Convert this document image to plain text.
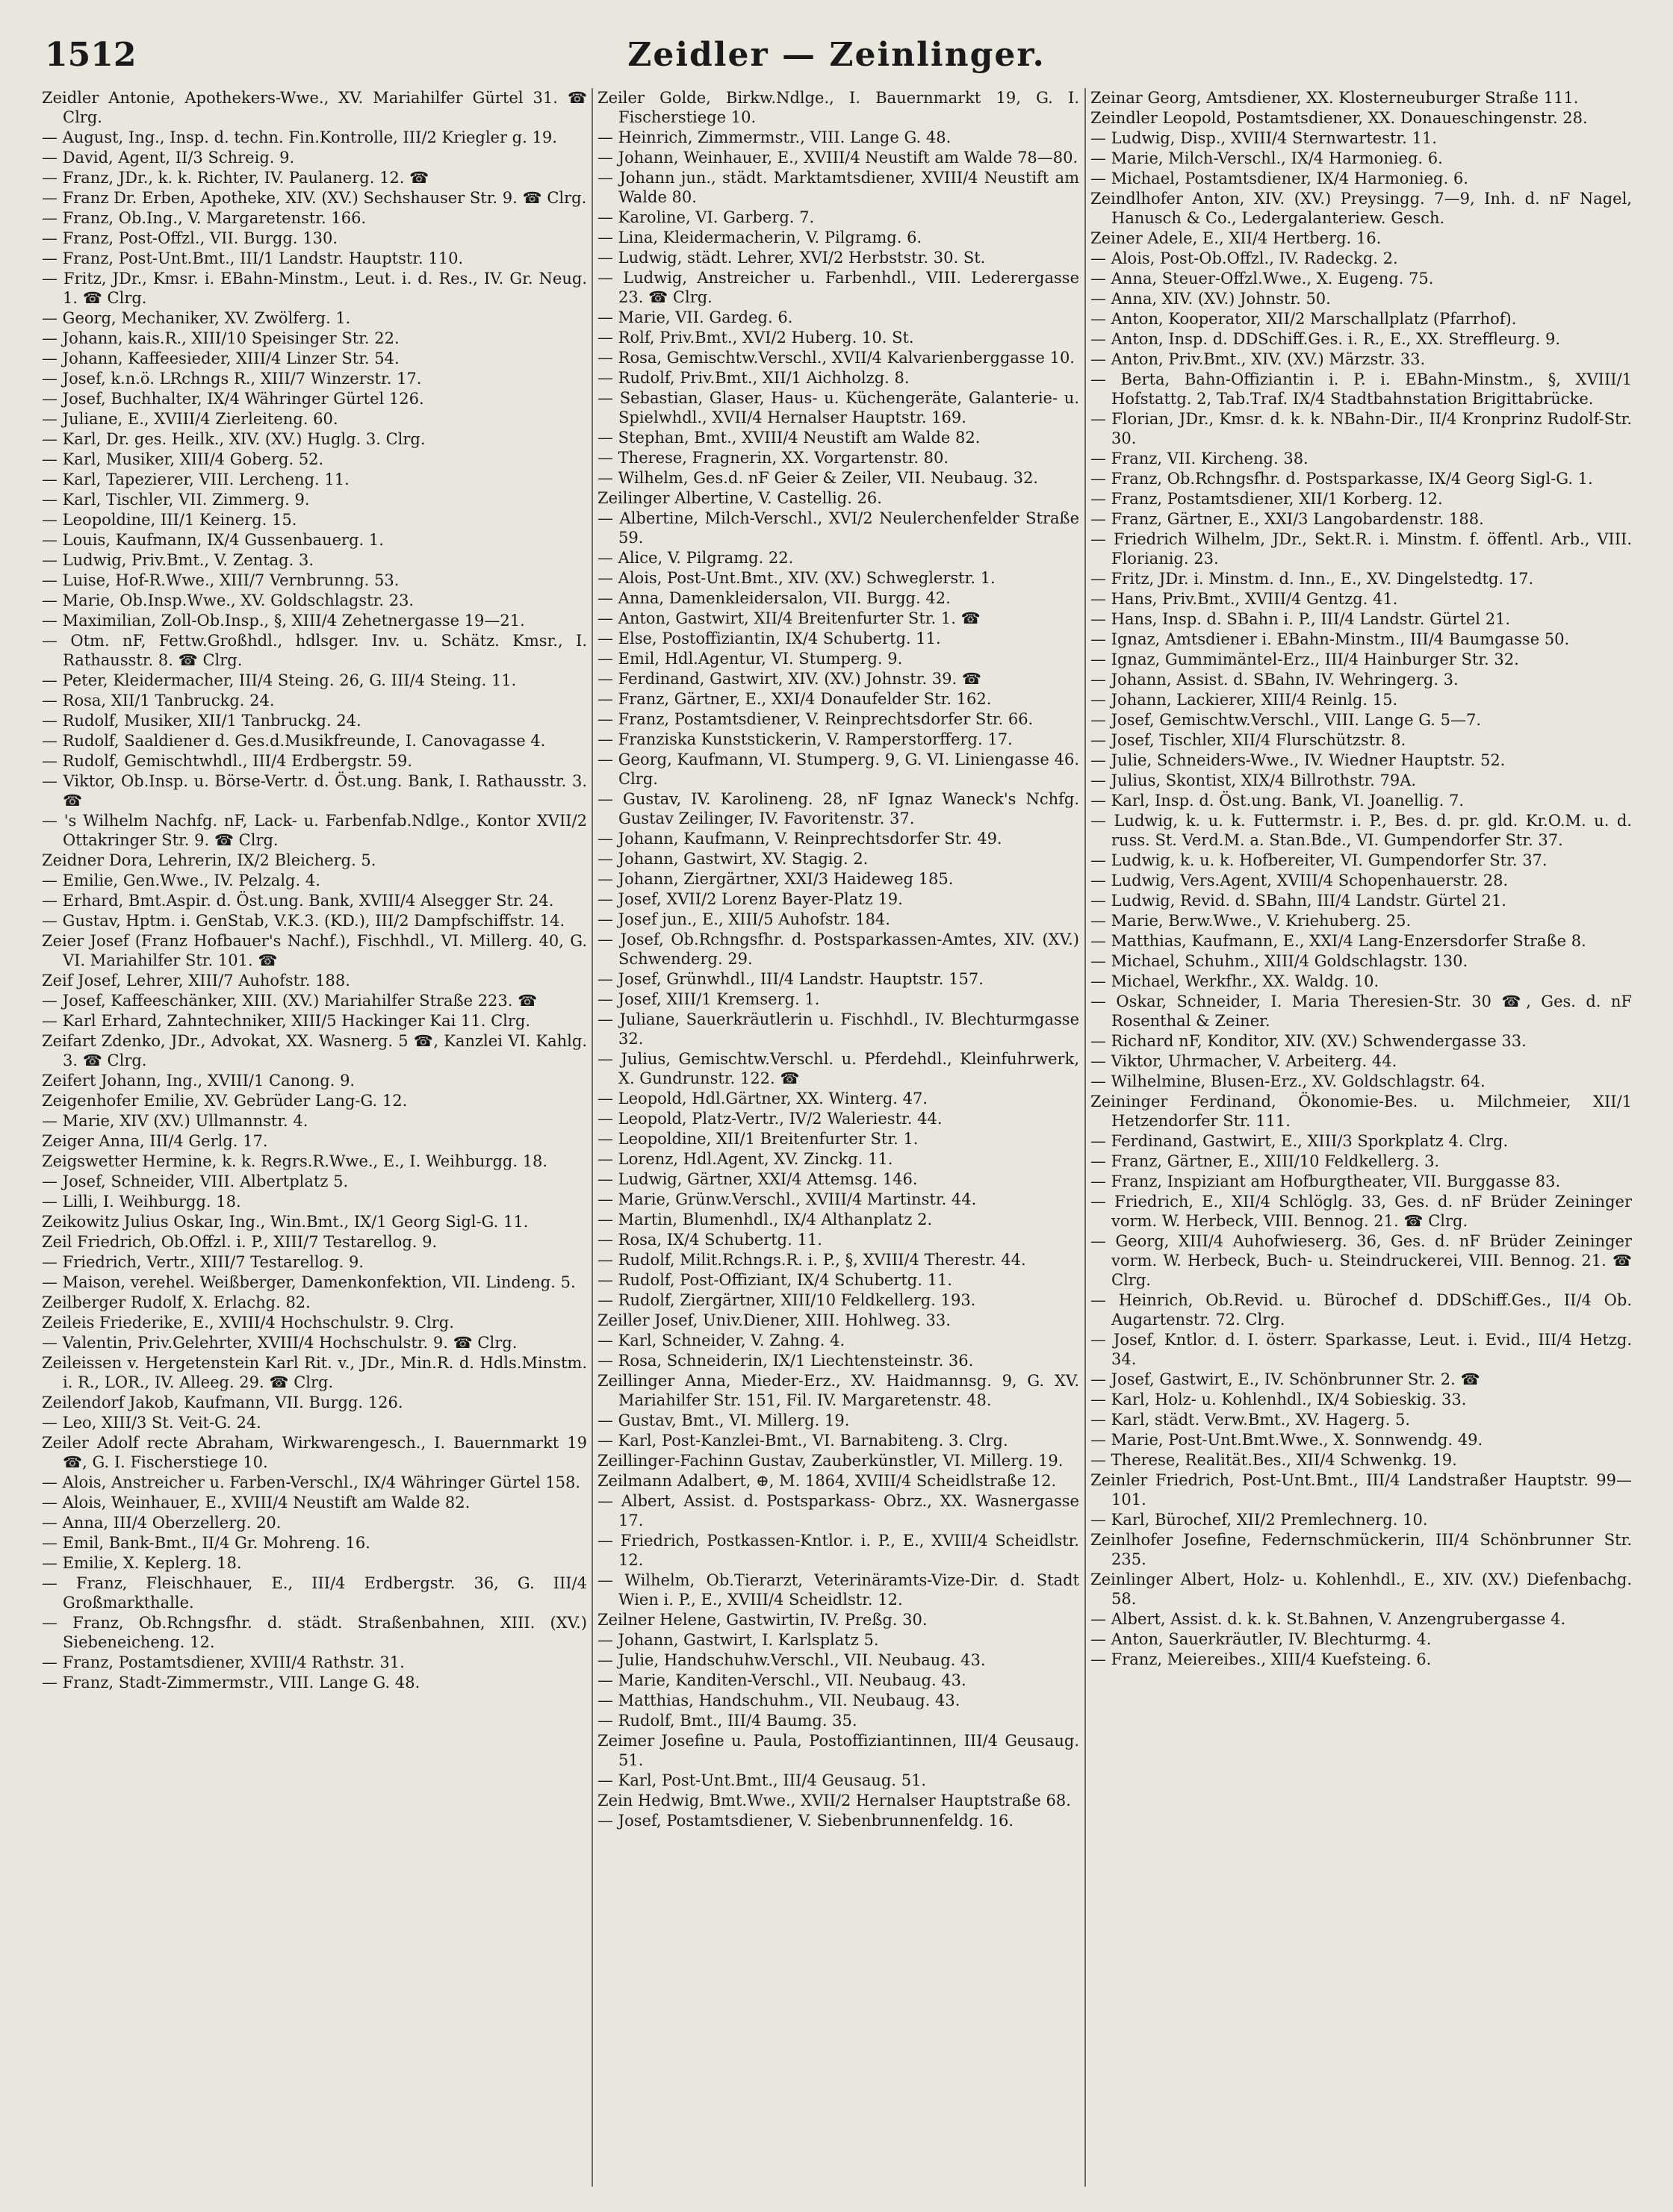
1512	Zeidler — Zeinlinger.
Zeidler Antonie, Apothekers-Wwe., XV. Mariahilfer Gürtel 31. ☎ Clrg.
— August, Ing., Insp. d. techn. Fin.Kontrolle, III/2 Kriegler g. 19.
— David, Agent, II/3 Schreig. 9.
— Franz, JDr., k. k. Richter, IV. Paulanerg. 12. ☎
— Franz Dr. Erben, Apotheke, XIV. (XV.) Sechshauser Str. 9. ☎ Clrg.
— Franz, Ob.Ing., V. Margaretenstr. 166.
— Franz, Post-Offzl., VII. Burgg. 130.
— Franz, Post-Unt.Bmt., III/1 Landstr. Hauptstr. 110.
— Fritz, JDr., Kmsr. i. EBahn-Minstm., Leut. i. d. Res., IV. Gr. Neug. 1. ☎ Clrg.
— Georg, Mechaniker, XV. Zwölferg. 1.
— Johann, kais.R., XIII/10 Speisinger Str. 22.
— Johann, Kaffeesieder, XIII/4 Linzer Str. 54.
— Josef, k.n.ö. LRchngs R., XIII/7 Winzerstr. 17.
— Josef, Buchhalter, IX/4 Währinger Gürtel 126.
— Juliane, E., XVIII/4 Zierleiteng. 60.
— Karl, Dr. ges. Heilk., XIV. (XV.) Huglg. 3. Clrg.
— Karl, Musiker, XIII/4 Goberg. 52.
— Karl, Tapezierer, VIII. Lercheng. 11.
— Karl, Tischler, VII. Zimmerg. 9.
— Leopoldine, III/1 Keinerg. 15.
— Louis, Kaufmann, IX/4 Gussenbauerg. 1.
— Ludwig, Priv.Bmt., V. Zentag. 3.
— Luise, Hof-R.Wwe., XIII/7 Vernbrunng. 53.
— Marie, Ob.Insp.Wwe., XV. Goldschlagstr. 23.
— Maximilian, Zoll-Ob.Insp., §, XIII/4 Zehetnergasse 19—21.
— Otm. nF, Fettw.Großhdl., hdlsger. Inv. u. Schätz. Kmsr., I. Rathausstr. 8. ☎ Clrg.
— Peter, Kleidermacher, III/4 Steing. 26, G. III/4 Steing. 11.
— Rosa, XII/1 Tanbruckg. 24.
— Rudolf, Musiker, XII/1 Tanbruckg. 24.
— Rudolf, Saaldiener d. Ges.d.Musikfreunde, I. Canovagasse 4.
— Rudolf, Gemischtwhdl., III/4 Erdbergstr. 59.
— Viktor, Ob.Insp. u. Börse-Vertr. d. Öst.ung. Bank, I. Rathausstr. 3. ☎
— 's Wilhelm Nachfg. nF, Lack- u. Farbenfab.Ndlge., Kontor XVII/2 Ottakringer Str. 9. ☎ Clrg.
Zeidner Dora, Lehrerin, IX/2 Bleicherg. 5.
— Emilie, Gen.Wwe., IV. Pelzalg. 4.
— Erhard, Bmt.Aspir. d. Öst.ung. Bank, XVIII/4 Alsegger Str. 24.
— Gustav, Hptm. i. GenStab, V.K.3. (KD.), III/2 Dampfschiffstr. 14.
Zeier Josef (Franz Hofbauer's Nachf.), Fischhdl., VI. Millerg. 40, G. VI. Mariahilfer Str. 101. ☎
Zeif Josef, Lehrer, XIII/7 Auhofstr. 188.
— Josef, Kaffeeschänker, XIII. (XV.) Mariahilfer Straße 223. ☎
— Karl Erhard, Zahntechniker, XIII/5 Hackinger Kai 11. Clrg.
Zeifart Zdenko, JDr., Advokat, XX. Wasnerg. 5 ☎, Kanzlei VI. Kahlg. 3. ☎ Clrg.
Zeifert Johann, Ing., XVIII/1 Canong. 9.
Zeigenhofer Emilie, XV. Gebrüder Lang-G. 12.
— Marie, XIV (XV.) Ullmannstr. 4.
Zeiger Anna, III/4 Gerlg. 17.
Zeigswetter Hermine, k. k. Regrs.R.Wwe., E., I. Weihburgg. 18.
— Josef, Schneider, VIII. Albertplatz 5.
— Lilli, I. Weihburgg. 18.
Zeikowitz Julius Oskar, Ing., Win.Bmt., IX/1 Georg Sigl-G. 11.
Zeil Friedrich, Ob.Offzl. i. P., XIII/7 Testarellog. 9.
— Friedrich, Vertr., XIII/7 Testarellog. 9.
— Maison, verehel. Weißberger, Damenkonfektion, VII. Lindeng. 5.
Zeilberger Rudolf, X. Erlachg. 82.
Zeileis Friederike, E., XVIII/4 Hochschulstr. 9. Clrg.
— Valentin, Priv.Gelehrter, XVIII/4 Hochschulstr. 9. ☎ Clrg.
Zeileissen v. Hergetenstein Karl Rit. v., JDr., Min.R. d. Hdls.Minstm. i. R., LOR., IV. Alleeg. 29. ☎ Clrg.
Zeilendorf Jakob, Kaufmann, VII. Burgg. 126.
— Leo, XIII/3 St. Veit-G. 24.
Zeiler Adolf recte Abraham, Wirkwarengesch., I. Bauernmarkt 19 ☎, G. I. Fischerstiege 10.
— Alois, Anstreicher u. Farben-Verschl., IX/4 Währinger Gürtel 158.
— Alois, Weinhauer, E., XVIII/4 Neustift am Walde 82.
— Anna, III/4 Oberzellerg. 20.
— Emil, Bank-Bmt., II/4 Gr. Mohreng. 16.
— Emilie, X. Keplerg. 18.
— Franz, Fleischhauer, E., III/4 Erdbergstr. 36, G. III/4 Großmarkthalle.
— Franz, Ob.Rchngsfhr. d. städt. Straßenbahnen, XIII. (XV.) Siebeneicheng. 12.
— Franz, Postamtsdiener, XVIII/4 Rathstr. 31.
— Franz, Stadt-Zimmermstr., VIII. Lange G. 48.
Zeiler Golde, Birkw.Ndlge., I. Bauernmarkt 19, G. I. Fischerstiege 10.
— Heinrich, Zimmermstr., VIII. Lange G. 48.
— Johann, Weinhauer, E., XVIII/4 Neustift am Walde 78—80.
— Johann jun., städt. Marktamtsdiener, XVIII/4 Neustift am Walde 80.
— Karoline, VI. Garberg. 7.
— Lina, Kleidermacherin, V. Pilgramg. 6.
— Ludwig, städt. Lehrer, XVI/2 Herbststr. 30. St.
— Ludwig, Anstreicher u. Farbenhdl., VIII. Lederergasse 23. ☎ Clrg.
— Marie, VII. Gardeg. 6.
— Rolf, Priv.Bmt., XVI/2 Huberg. 10. St.
— Rosa, Gemischtw.Verschl., XVII/4 Kalvarienberggasse 10.
— Rudolf, Priv.Bmt., XII/1 Aichholzg. 8.
— Sebastian, Glaser, Haus- u. Küchengeräte, Galanterie- u. Spielwhdl., XVII/4 Hernalser Hauptstr. 169.
— Stephan, Bmt., XVIII/4 Neustift am Walde 82.
— Therese, Fragnerin, XX. Vorgartenstr. 80.
— Wilhelm, Ges.d. nF Geier & Zeiler, VII. Neubaug. 32.
Zeilinger Albertine, V. Castellig. 26.
— Albertine, Milch-Verschl., XVI/2 Neulerchenfelder Straße 59.
— Alice, V. Pilgramg. 22.
— Alois, Post-Unt.Bmt., XIV. (XV.) Schweglerstr. 1.
— Anna, Damenkleidersalon, VII. Burgg. 42.
— Anton, Gastwirt, XII/4 Breitenfurter Str. 1. ☎
— Else, Postoffiziantin, IX/4 Schubertg. 11.
— Emil, Hdl.Agentur, VI. Stumperg. 9.
— Ferdinand, Gastwirt, XIV. (XV.) Johnstr. 39. ☎
— Franz, Gärtner, E., XXI/4 Donaufelder Str. 162.
— Franz, Postamtsdiener, V. Reinprechtsdorfer Str. 66.
— Franziska Kunststickerin, V. Ramperstorfferg. 17.
— Georg, Kaufmann, VI. Stumperg. 9, G. VI. Liniengasse 46. Clrg.
— Gustav, IV. Karolineng. 28, nF Ignaz Waneck's Nchfg. Gustav Zeilinger, IV. Favoritenstr. 37.
— Johann, Kaufmann, V. Reinprechtsdorfer Str. 49.
— Johann, Gastwirt, XV. Stagig. 2.
— Johann, Ziergärtner, XXI/3 Haideweg 185.
— Josef, XVII/2 Lorenz Bayer-Platz 19.
— Josef jun., E., XIII/5 Auhofstr. 184.
— Josef, Ob.Rchngsfhr. d. Postsparkassen-Amtes, XIV. (XV.) Schwenderg. 29.
— Josef, Grünwhdl., III/4 Landstr. Hauptstr. 157.
— Josef, XIII/1 Kremserg. 1.
— Juliane, Sauerkräutlerin u. Fischhdl., IV. Blechturmgasse 32.
— Julius, Gemischtw.Verschl. u. Pferdehdl., Kleinfuhrwerk, X. Gundrunstr. 122. ☎
— Leopold, Hdl.Gärtner, XX. Winterg. 47.
— Leopold, Platz-Vertr., IV/2 Waleriestr. 44.
— Leopoldine, XII/1 Breitenfurter Str. 1.
— Lorenz, Hdl.Agent, XV. Zinckg. 11.
— Ludwig, Gärtner, XXI/4 Attemsg. 146.
— Marie, Grünw.Verschl., XVIII/4 Martinstr. 44.
— Martin, Blumenhdl., IX/4 Althanplatz 2.
— Rosa, IX/4 Schubertg. 11.
— Rudolf, Milit.Rchngs.R. i. P., §, XVIII/4 Therestr. 44.
— Rudolf, Post-Offiziant, IX/4 Schubertg. 11.
— Rudolf, Ziergärtner, XIII/10 Feldkellerg. 193.
Zeiller Josef, Univ.Diener, XIII. Hohlweg. 33.
— Karl, Schneider, V. Zahng. 4.
— Rosa, Schneiderin, IX/1 Liechtensteinstr. 36.
Zeillinger Anna, Mieder-Erz., XV. Haidmannsg. 9, G. XV. Mariahilfer Str. 151, Fil. IV. Margaretenstr. 48.
— Gustav, Bmt., VI. Millerg. 19.
— Karl, Post-Kanzlei-Bmt., VI. Barnabiteng. 3. Clrg.
Zeillinger-Fachinn Gustav, Zauberkünstler, VI. Millerg. 19.
Zeilmann Adalbert, ⊕, M. 1864, XVIII/4 Scheidlstraße 12.
— Albert, Assist. d. Postsparkass- Obrz., XX. Wasnergasse 17.
— Friedrich, Postkassen-Kntlor. i. P., E., XVIII/4 Scheidlstr. 12.
— Wilhelm, Ob.Tierarzt, Veterinäramts-Vize-Dir. d. Stadt Wien i. P., E., XVIII/4 Scheidlstr. 12.
Zeilner Helene, Gastwirtin, IV. Preßg. 30.
— Johann, Gastwirt, I. Karlsplatz 5.
— Julie, Handschuhw.Verschl., VII. Neubaug. 43.
— Marie, Kanditen-Verschl., VII. Neubaug. 43.
— Matthias, Handschuhm., VII. Neubaug. 43.
— Rudolf, Bmt., III/4 Baumg. 35.
Zeimer Josefine u. Paula, Postoffiziantinnen, III/4 Geusaug. 51.
— Karl, Post-Unt.Bmt., III/4 Geusaug. 51.
Zein Hedwig, Bmt.Wwe., XVII/2 Hernalser Hauptstraße 68.
— Josef, Postamtsdiener, V. Siebenbrunnenfeldg. 16.
Zeinar Georg, Amtsdiener, XX. Klosterneuburger Straße 111.
Zeindler Leopold, Postamtsdiener, XX. Donaueschingenstr. 28.
— Ludwig, Disp., XVIII/4 Sternwartestr. 11.
— Marie, Milch-Verschl., IX/4 Harmonieg. 6.
— Michael, Postamtsdiener, IX/4 Harmonieg. 6.
Zeindlhofer Anton, XIV. (XV.) Preysingg. 7—9, Inh. d. nF Nagel, Hanusch & Co., Ledergalanteriew. Gesch.
Zeiner Adele, E., XII/4 Hertberg. 16.
— Alois, Post-Ob.Offzl., IV. Radeckg. 2.
— Anna, Steuer-Offzl.Wwe., X. Eugeng. 75.
— Anna, XIV. (XV.) Johnstr. 50.
— Anton, Kooperator, XII/2 Marschallplatz (Pfarrhof).
— Anton, Insp. d. DDSchiff.Ges. i. R., E., XX. Streffleurg. 9.
— Anton, Priv.Bmt., XIV. (XV.) Märzstr. 33.
— Berta, Bahn-Offiziantin i. P. i. EBahn-Minstm., §, XVIII/1 Hofstattg. 2, Tab.Traf. IX/4 Stadtbahnstation Brigittabrücke.
— Florian, JDr., Kmsr. d. k. k. NBahn-Dir., II/4 Kronprinz Rudolf-Str. 30.
— Franz, VII. Kircheng. 38.
— Franz, Ob.Rchngsfhr. d. Postsparkasse, IX/4 Georg Sigl-G. 1.
— Franz, Postamtsdiener, XII/1 Korberg. 12.
— Franz, Gärtner, E., XXI/3 Langobardenstr. 188.
— Friedrich Wilhelm, JDr., Sekt.R. i. Minstm. f. öffentl. Arb., VIII. Florianig. 23.
— Fritz, JDr. i. Minstm. d. Inn., E., XV. Dingelstedtg. 17.
— Hans, Priv.Bmt., XVIII/4 Gentzg. 41.
— Hans, Insp. d. SBahn i. P., III/4 Landstr. Gürtel 21.
— Ignaz, Amtsdiener i. EBahn-Minstm., III/4 Baumgasse 50.
— Ignaz, Gummimäntel-Erz., III/4 Hainburger Str. 32.
— Johann, Assist. d. SBahn, IV. Wehringerg. 3.
— Johann, Lackierer, XIII/4 Reinlg. 15.
— Josef, Gemischtw.Verschl., VIII. Lange G. 5—7.
— Josef, Tischler, XII/4 Flurschützstr. 8.
— Julie, Schneiders-Wwe., IV. Wiedner Hauptstr. 52.
— Julius, Skontist, XIX/4 Billrothstr. 79A.
— Karl, Insp. d. Öst.ung. Bank, VI. Joanellig. 7.
— Ludwig, k. u. k. Futtermstr. i. P., Bes. d. pr. gld. Kr.O.M. u. d. russ. St. Verd.M. a. Stan.Bde., VI. Gumpendorfer Str. 37.
— Ludwig, k. u. k. Hofbereiter, VI. Gumpendorfer Str. 37.
— Ludwig, Vers.Agent, XVIII/4 Schopenhauerstr. 28.
— Ludwig, Revid. d. SBahn, III/4 Landstr. Gürtel 21.
— Marie, Berw.Wwe., V. Kriehuberg. 25.
— Matthias, Kaufmann, E., XXI/4 Lang-Enzersdorfer Straße 8.
— Michael, Schuhm., XIII/4 Goldschlagstr. 130.
— Michael, Werkfhr., XX. Waldg. 10.
— Oskar, Schneider, I. Maria Theresien-Str. 30 ☎, Ges. d. nF Rosenthal & Zeiner.
— Richard nF, Konditor, XIV. (XV.) Schwendergasse 33.
— Viktor, Uhrmacher, V. Arbeiterg. 44.
— Wilhelmine, Blusen-Erz., XV. Goldschlagstr. 64.
Zeininger Ferdinand, Ökonomie-Bes. u. Milchmeier, XII/1 Hetzendorfer Str. 111.
— Ferdinand, Gastwirt, E., XIII/3 Sporkplatz 4. Clrg.
— Franz, Gärtner, E., XIII/10 Feldkellerg. 3.
— Franz, Inspiziant am Hofburgtheater, VII. Burggasse 83.
— Friedrich, E., XII/4 Schlöglg. 33, Ges. d. nF Brüder Zeininger vorm. W. Herbeck, VIII. Bennog. 21. ☎ Clrg.
— Georg, XIII/4 Auhofwieserg. 36, Ges. d. nF Brüder Zeininger vorm. W. Herbeck, Buch- u. Steindruckerei, VIII. Bennog. 21. ☎ Clrg.
— Heinrich, Ob.Revid. u. Bürochef d. DDSchiff.Ges., II/4 Ob. Augartenstr. 72. Clrg.
— Josef, Kntlor. d. I. österr. Sparkasse, Leut. i. Evid., III/4 Hetzg. 34.
— Josef, Gastwirt, E., IV. Schönbrunner Str. 2. ☎
— Karl, Holz- u. Kohlenhdl., IX/4 Sobieskig. 33.
— Karl, städt. Verw.Bmt., XV. Hagerg. 5.
— Marie, Post-Unt.Bmt.Wwe., X. Sonnwendg. 49.
— Therese, Realität.Bes., XII/4 Schwenkg. 19.
Zeinler Friedrich, Post-Unt.Bmt., III/4 Landstraßer Hauptstr. 99—101.
— Karl, Bürochef, XII/2 Premlechnerg. 10.
Zeinlhofer Josefine, Federnschmückerin, III/4 Schönbrunner Str. 235.
Zeinlinger Albert, Holz- u. Kohlenhdl., E., XIV. (XV.) Diefenbachg. 58.
— Albert, Assist. d. k. k. St.Bahnen, V. Anzengrubergasse 4.
— Anton, Sauerkräutler, IV. Blechturmg. 4.
— Franz, Meiereibes., XIII/4 Kuefsteing. 6.
